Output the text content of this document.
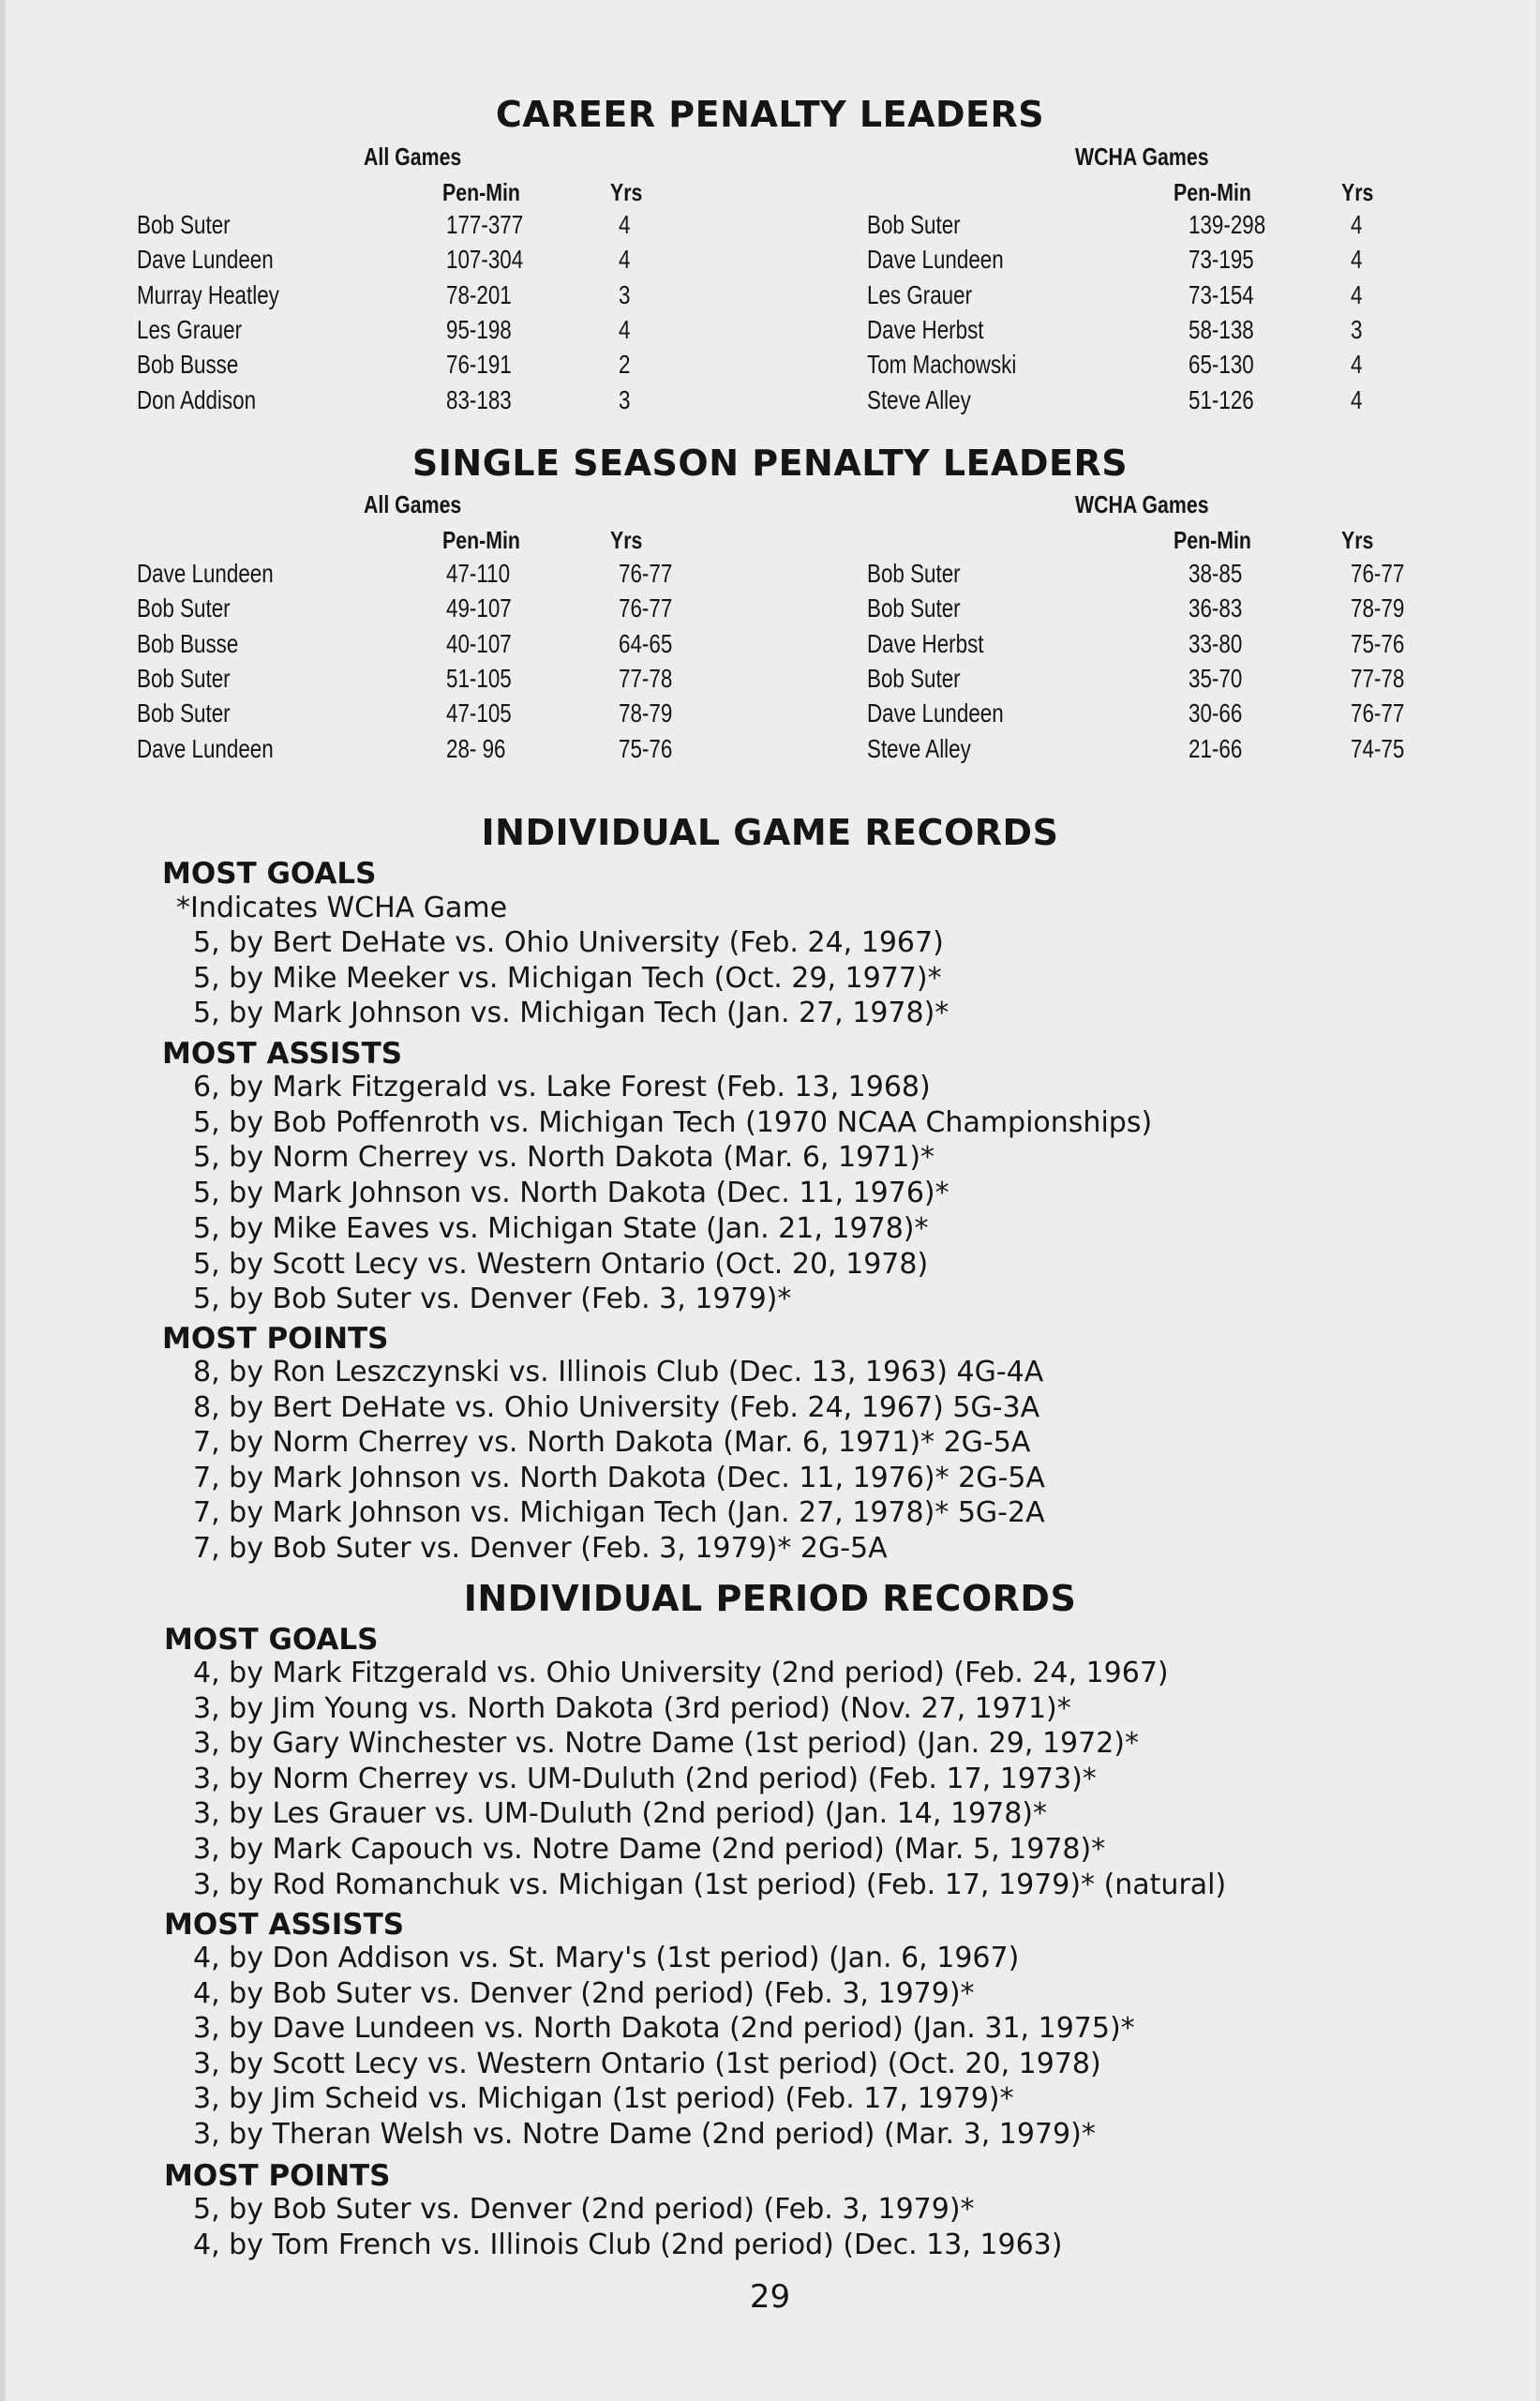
CAREER PENALTY LEADERS
All Games	WCHA Games
Pen-Min	Yrs	Pen-Min	Yrs
Bob Suter	177-377	4
Dave Lundeen	107-304	4
Murray Heatley	78-201	3
Les Grauer	95-198	4
Bob Busse	76-191	2
Don Addison	83-183	3
Bob Suter	139-298	4
Dave Lundeen	73-195	4
Les Grauer	73-154	4
Dave Herbst	58-138	3
Tom Machowski	65-130	4
Steve Alley	51-126	4
SINGLE SEASON PENALTY LEADERS
All Games	WCHA Games
Pen-Min	Yrs	Pen-Min	Yrs
Dave Lundeen	47-110	76-77
Bob Suter	49-107	76-77
Bob Busse	40-107	64-65
Bob Suter	51-105	77-78
Bob Suter	47-105	78-79
Dave Lundeen	28- 96	75-76
Bob Suter	38-85	76-77
Bob Suter	36-83	78-79
Dave Herbst	33-80	75-76
Bob Suter	35-70	77-78
Dave Lundeen	30-66	76-77
Steve Alley	21-66	74-75
INDIVIDUAL GAME RECORDS
MOST GOALS
*Indicates WCHA Game
5, by Bert DeHate vs. Ohio University (Feb. 24, 1967)
5, by Mike Meeker vs. Michigan Tech (Oct. 29, 1977)*
5, by Mark Johnson vs. Michigan Tech (Jan. 27, 1978)*
MOST ASSISTS
6, by Mark Fitzgerald vs. Lake Forest (Feb. 13, 1968)
5, by Bob Poffenroth vs. Michigan Tech (1970 NCAA Championships)
5, by Norm Cherrey vs. North Dakota (Mar. 6, 1971)*
5, by Mark Johnson vs. North Dakota (Dec. 11, 1976)*
5, by Mike Eaves vs. Michigan State (Jan. 21, 1978)*
5, by Scott Lecy vs. Western Ontario (Oct. 20, 1978)
5, by Bob Suter vs. Denver (Feb. 3, 1979)*
MOST POINTS
8, by Ron Leszczynski vs. Illinois Club (Dec. 13, 1963) 4G-4A
8, by Bert DeHate vs. Ohio University (Feb. 24, 1967) 5G-3A
7, by Norm Cherrey vs. North Dakota (Mar. 6, 1971)* 2G-5A
7, by Mark Johnson vs. North Dakota (Dec. 11, 1976)* 2G-5A
7, by Mark Johnson vs. Michigan Tech (Jan. 27, 1978)* 5G-2A
7, by Bob Suter vs. Denver (Feb. 3, 1979)* 2G-5A
INDIVIDUAL PERIOD RECORDS
MOST GOALS
4, by Mark Fitzgerald vs. Ohio University (2nd period) (Feb. 24, 1967)
3, by Jim Young vs. North Dakota (3rd period) (Nov. 27, 1971)*
3, by Gary Winchester vs. Notre Dame (1st period) (Jan. 29, 1972)*
3, by Norm Cherrey vs. UM-Duluth (2nd period) (Feb. 17, 1973)*
3, by Les Grauer vs. UM-Duluth (2nd period) (Jan. 14, 1978)*
3, by Mark Capouch vs. Notre Dame (2nd period) (Mar. 5, 1978)*
3, by Rod Romanchuk vs. Michigan (1st period) (Feb. 17, 1979)* (natural)
MOST ASSISTS
4, by Don Addison vs. St. Mary's (1st period) (Jan. 6, 1967)
4, by Bob Suter vs. Denver (2nd period) (Feb. 3, 1979)*
3, by Dave Lundeen vs. North Dakota (2nd period) (Jan. 31, 1975)*
3, by Scott Lecy vs. Western Ontario (1st period) (Oct. 20, 1978)
3, by Jim Scheid vs. Michigan (1st period) (Feb. 17, 1979)*
3, by Theran Welsh vs. Notre Dame (2nd period) (Mar. 3, 1979)*
MOST POINTS
5, by Bob Suter vs. Denver (2nd period) (Feb. 3, 1979)*
4, by Tom French vs. Illinois Club (2nd period) (Dec. 13, 1963)
29
